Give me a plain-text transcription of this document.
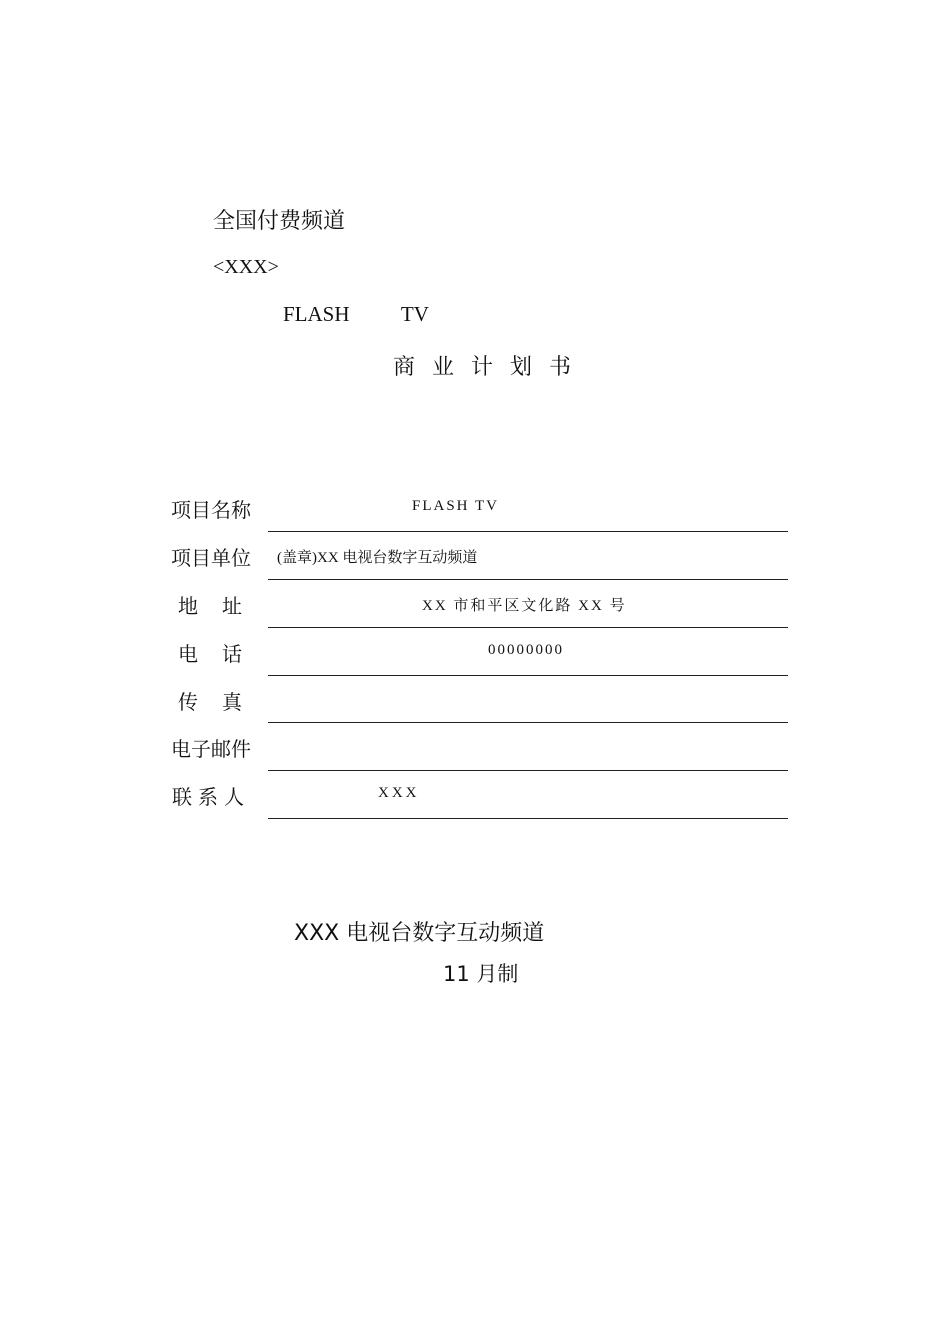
全国付费频道
<XXX>
FLASH   TV
商业计划书
项目名称	FLASH TV
项目单位	(盖章)XX 电视台数字互动频道
地　址	XX 市和平区文化路 XX 号
电　话	00000000
传　真
电子邮件
联系人	XXX
XXX 电视台数字互动频道
11 月制
